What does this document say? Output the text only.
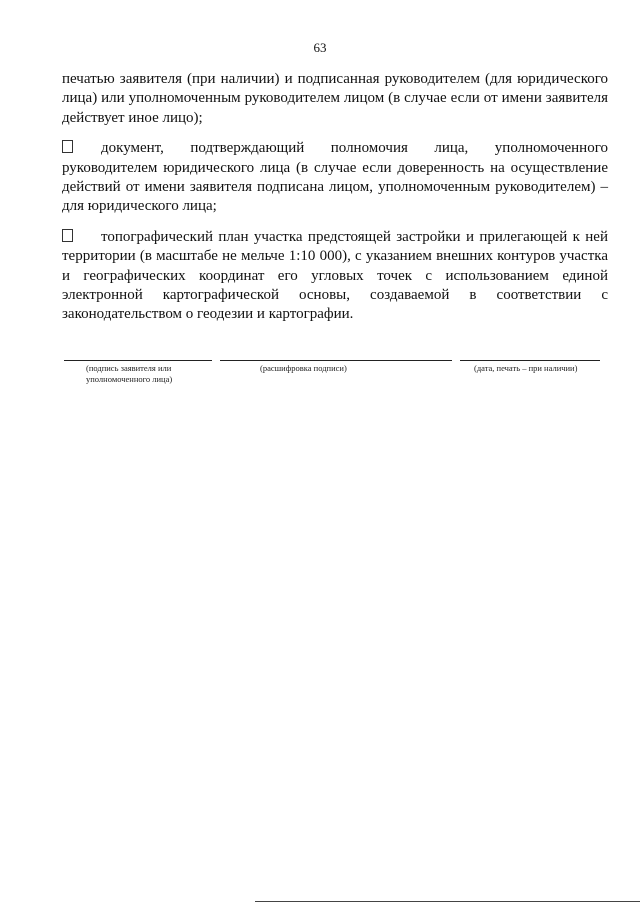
63

печатью заявителя (при наличии) и подписанная руководителем (для юридического лица) или уполномоченным руководителем лицом (в случае если от имени заявителя действует иное лицо);

документ, подтверждающий полномочия лица, уполномоченного руководителем юридического лица (в случае если доверенность на осуществление действий от имени заявителя подписана лицом, уполномоченным руководителем) – для юридического лица;

топографический план участка предстоящей застройки и прилегающей к ней территории (в масштабе не мельче 1:10 000), с указанием внешних контуров участка и географических координат его угловых точек с использованием единой электронной картографической основы, создаваемой в соответствии с законодательством о геодезии и картографии.

(подпись заявителя или
уполномоченного лица)
(расшифровка подписи)	(дата, печать – при наличии)
